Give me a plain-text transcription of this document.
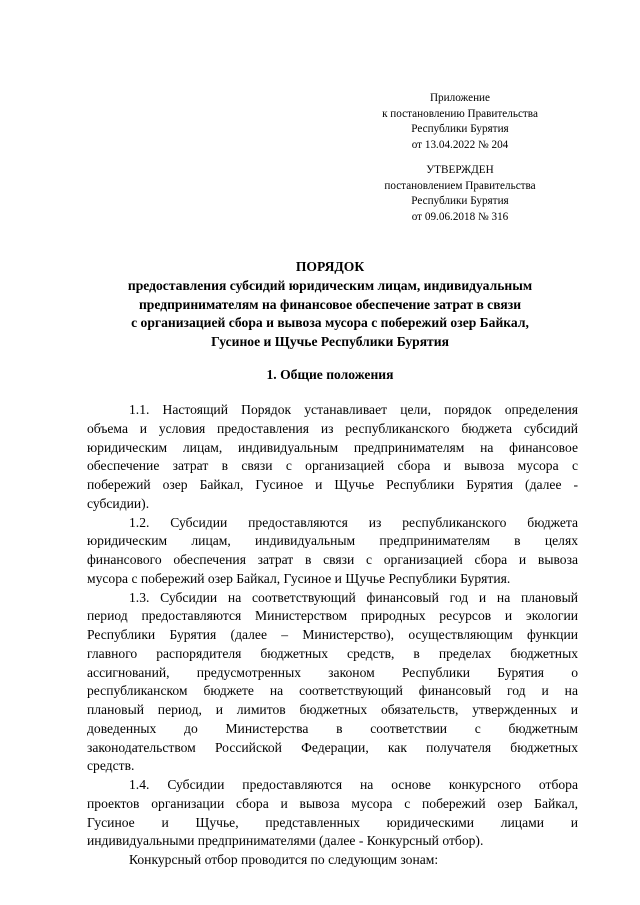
Приложение
к постановлению Правительства
Республики Бурятия
от 13.04.2022 № 204
УТВЕРЖДЕН
постановлением Правительства
Республики Бурятия
от 09.06.2018 № 316
ПОРЯДОК
предоставления субсидий юридическим лицам, индивидуальным
предпринимателям на финансовое обеспечение затрат в связи
с организацией сбора и вывоза мусора с побережий озер Байкал,
Гусиное и Щучье Республики Бурятия
1. Общие положения
1.1. Настоящий Порядок устанавливает цели, порядок определения
объема и условия предоставления из республиканского бюджета субсидий
юридическим лицам, индивидуальным предпринимателям на финансовое
обеспечение затрат в связи с организацией сбора и вывоза мусора с
побережий озер Байкал, Гусиное и Щучье Республики Бурятия (далее -
субсидии).
1.2. Субсидии предоставляются из республиканского бюджета
юридическим лицам, индивидуальным предпринимателям в целях
финансового обеспечения затрат в связи с организацией сбора и вывоза
мусора с побережий озер Байкал, Гусиное и Щучье Республики Бурятия.
1.3. Субсидии на соответствующий финансовый год и на плановый
период предоставляются Министерством природных ресурсов и экологии
Республики Бурятия (далее – Министерство), осуществляющим функции
главного распорядителя бюджетных средств, в пределах бюджетных
ассигнований, предусмотренных законом Республики Бурятия о
республиканском бюджете на соответствующий финансовый год и на
плановый период, и лимитов бюджетных обязательств, утвержденных и
доведенных до Министерства в соответствии с бюджетным
законодательством Российской Федерации, как получателя бюджетных
средств.
1.4. Субсидии предоставляются на основе конкурсного отбора
проектов организации сбора и вывоза мусора с побережий озер Байкал,
Гусиное и Щучье, представленных юридическими лицами и
индивидуальными предпринимателями (далее - Конкурсный отбор).
Конкурсный отбор проводится по следующим зонам:
